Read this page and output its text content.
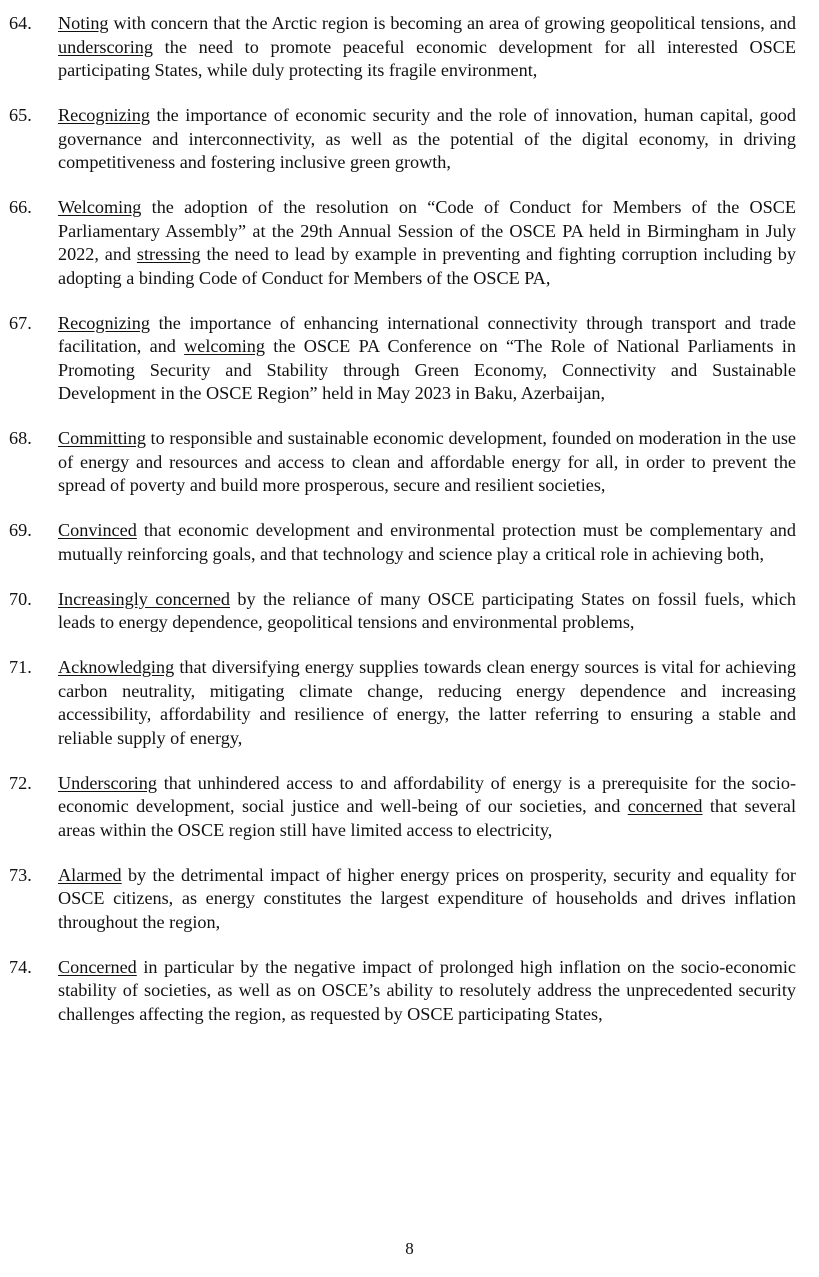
64.	Noting with concern that the Arctic region is becoming an area of growing geopolitical tensions, and underscoring the need to promote peaceful economic development for all interested OSCE participating States, while duly protecting its fragile environment,
65.	Recognizing the importance of economic security and the role of innovation, human capital, good governance and interconnectivity, as well as the potential of the digital economy, in driving competitiveness and fostering inclusive green growth,
66.	Welcoming the adoption of the resolution on “Code of Conduct for Members of the OSCE Parliamentary Assembly” at the 29th Annual Session of the OSCE PA held in Birmingham in July 2022, and stressing the need to lead by example in preventing and fighting corruption including by adopting a binding Code of Conduct for Members of the OSCE PA,
67.	Recognizing the importance of enhancing international connectivity through transport and trade facilitation, and welcoming the OSCE PA Conference on “The Role of National Parliaments in Promoting Security and Stability through Green Economy, Connectivity and Sustainable Development in the OSCE Region” held in May 2023 in Baku, Azerbaijan,
68.	Committing to responsible and sustainable economic development, founded on moderation in the use of energy and resources and access to clean and affordable energy for all, in order to prevent the spread of poverty and build more prosperous, secure and resilient societies,
69.	Convinced that economic development and environmental protection must be complementary and mutually reinforcing goals, and that technology and science play a critical role in achieving both,
70.	Increasingly concerned by the reliance of many OSCE participating States on fossil fuels, which leads to energy dependence, geopolitical tensions and environmental problems,
71.	Acknowledging that diversifying energy supplies towards clean energy sources is vital for achieving carbon neutrality, mitigating climate change, reducing energy dependence and increasing accessibility, affordability and resilience of energy, the latter referring to ensuring a stable and reliable supply of energy,
72.	Underscoring that unhindered access to and affordability of energy is a prerequisite for the socio-economic development, social justice and well-being of our societies, and concerned that several areas within the OSCE region still have limited access to electricity,
73.	Alarmed by the detrimental impact of higher energy prices on prosperity, security and equality for OSCE citizens, as energy constitutes the largest expenditure of households and drives inflation throughout the region,
74.	Concerned in particular by the negative impact of prolonged high inflation on the socio-economic stability of societies, as well as on OSCE’s ability to resolutely address the unprecedented security challenges affecting the region, as requested by OSCE participating States,
8
